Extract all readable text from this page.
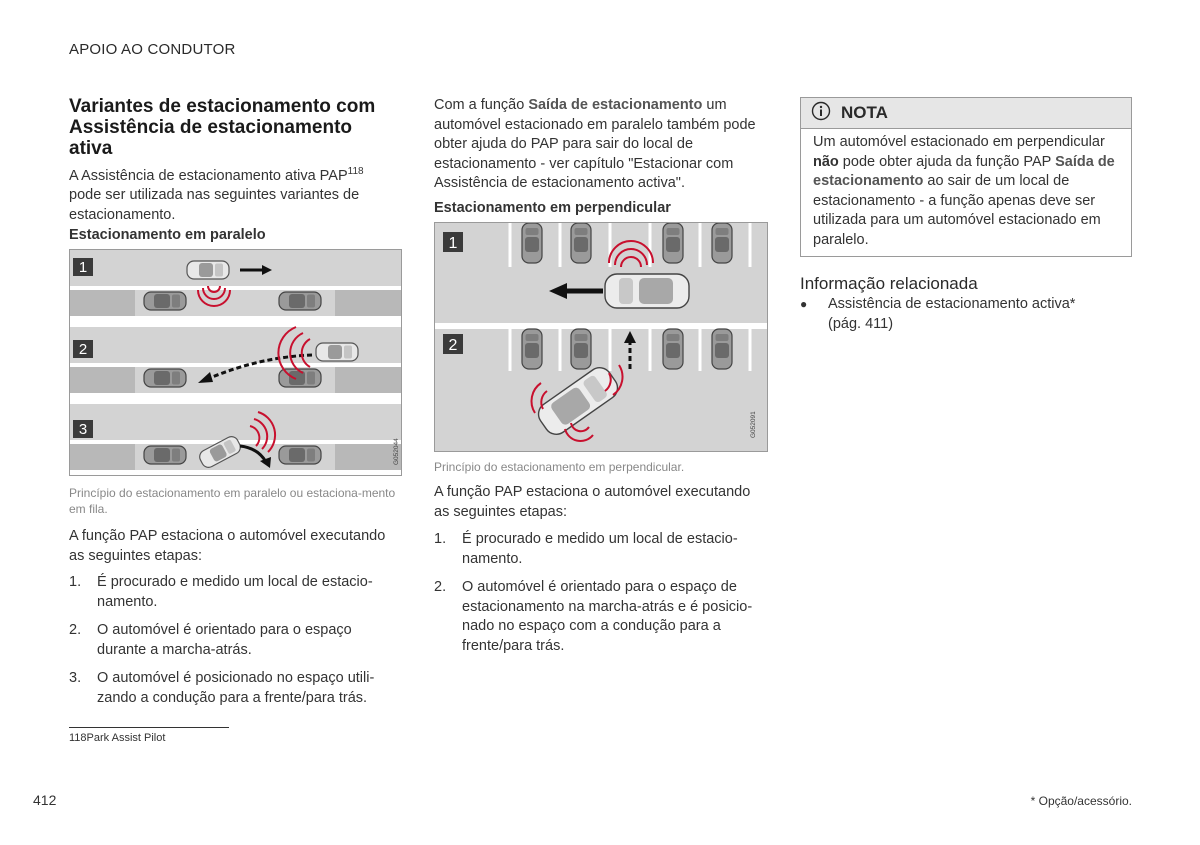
APOIO AO CONDUTOR
Variantes de estacionamento com Assistência de estacionamento ativa
A Assistência de estacionamento ativa PAP$^{118}$ pode ser utilizada nas seguintes variantes de estacionamento.
Estacionamento em paralelo
1
2
3
G052044
Princípio do estacionamento em paralelo ou estaciona-mento em fila.
A função PAP estaciona o automóvel executando as seguintes etapas:
1.	É procurado e medido um local de estacio-namento.
2.	O automóvel é orientado para o espaço durante a marcha-atrás.
3.	O automóvel é posicionado no espaço utili-zando a condução para a frente/para trás.
118Park Assist Pilot
Com a função Saída de estacionamento um automóvel estacionado em paralelo também pode obter ajuda do PAP para sair do local de estacionamento - ver capítulo "Estacionar com Assistência de estacionamento activa".
Estacionamento em perpendicular
1
2
G052091
Princípio do estacionamento em perpendicular.
A função PAP estaciona o automóvel executando as seguintes etapas:
1.	É procurado e medido um local de estacio-namento.
2.	O automóvel é orientado para o espaço de estacionamento na marcha-atrás e é posicio-nado no espaço com a condução para a frente/para trás.
NOTA
Um automóvel estacionado em perpendicular não pode obter ajuda da função PAP Saída de estacionamento ao sair de um local de estacionamento - a função apenas deve ser utilizada para um automóvel estacionado em paralelo.
Informação relacionada
●	Assistência de estacionamento activa*
(pág. 411)
412	* Opção/acessório.
